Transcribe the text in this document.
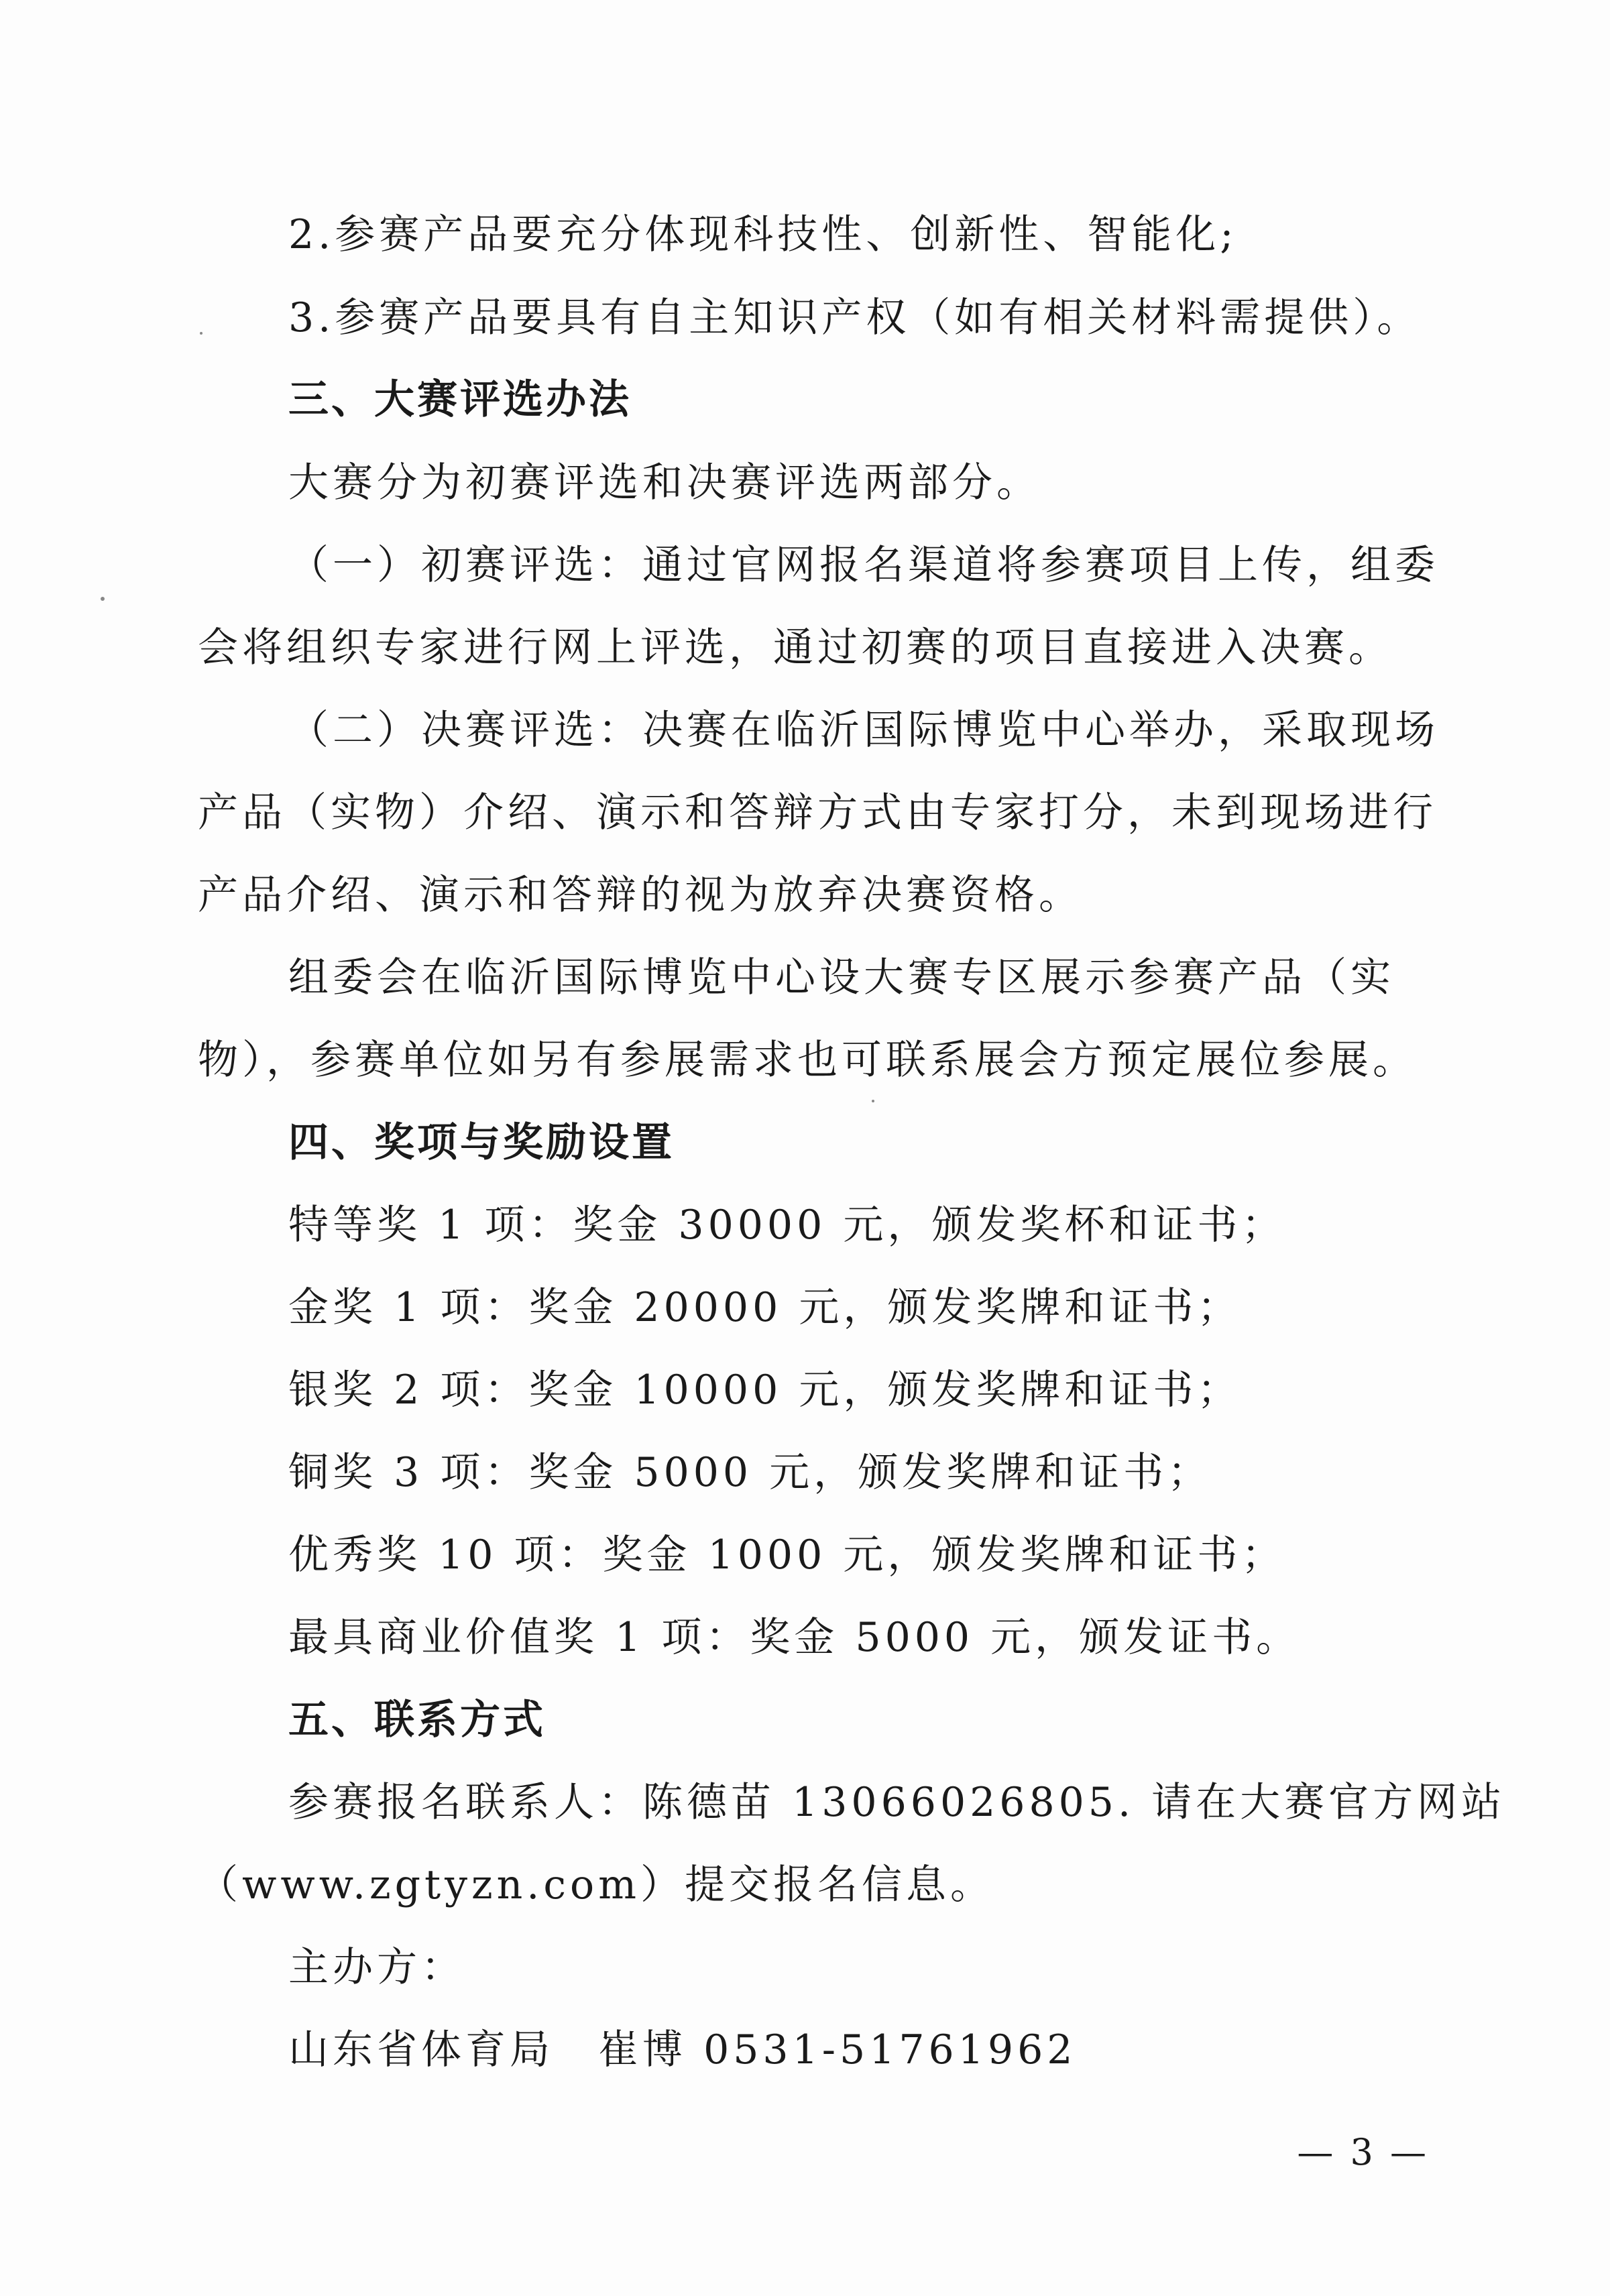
2.参赛产品要充分体现科技性、创新性、智能化;
3.参赛产品要具有自主知识产权（如有相关材料需提供）。
三、大赛评选办法
大赛分为初赛评选和决赛评选两部分。
（一）初赛评选：通过官网报名渠道将参赛项目上传，组委
会将组织专家进行网上评选，通过初赛的项目直接进入决赛。
（二）决赛评选：决赛在临沂国际博览中心举办，采取现场
产品（实物）介绍、演示和答辩方式由专家打分，未到现场进行
产品介绍、演示和答辩的视为放弃决赛资格。
组委会在临沂国际博览中心设大赛专区展示参赛产品（实
物），参赛单位如另有参展需求也可联系展会方预定展位参展。
四、奖项与奖励设置
特等奖 1 项：奖金 30000 元，颁发奖杯和证书；
金奖 1 项：奖金 20000 元，颁发奖牌和证书；
银奖 2 项：奖金 10000 元，颁发奖牌和证书；
铜奖 3 项：奖金 5000 元，颁发奖牌和证书；
优秀奖 10 项：奖金 1000 元，颁发奖牌和证书；
最具商业价值奖 1 项：奖金 5000 元，颁发证书。
五、联系方式
参赛报名联系人：陈德苗 13066026805. 请在大赛官方网站
（www.zgtyzn.com）提交报名信息。
主办方：
山东省体育局　崔博 0531-51761962
— 3 —
